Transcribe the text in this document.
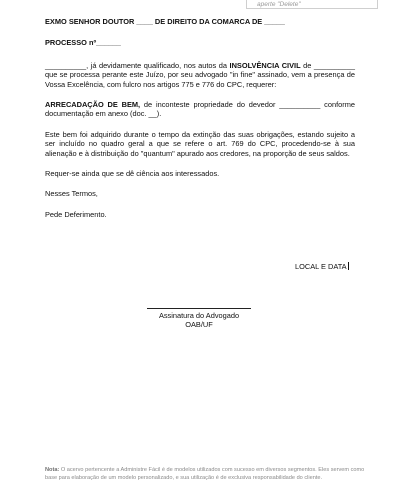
aperte "Delete"

EXMO SENHOR DOUTOR ____ DE DIREITO DA COMARCA DE _____

PROCESSO nº______

__________, já devidamente qualificado, nos autos da INSOLVÊNCIA CIVIL de __________ que se processa perante este Juízo, por seu advogado "in fine" assinado, vem a presença de Vossa Excelência, com fulcro nos artigos 775 e 776 do CPC, requerer:

ARRECADAÇÃO DE BEM, de inconteste propriedade do devedor __________ conforme documentação em anexo (doc. __).

Este bem foi adquirido durante o tempo da extinção das suas obrigações, estando sujeito a ser incluído no quadro geral a que se refere o art. 769 do CPC, procedendo-se à sua alienação e à distribuição do "quantum" apurado aos credores, na proporção de seus saldos.

Requer-se ainda que se dê ciência aos interessados.

Nesses Termos,

Pede Deferimento.

LOCAL E DATA
Assinatura do Advogado
OAB/UF
Nota: O acervo pertencente a Administre Fácil é de modelos utilizados com sucesso em diversos segmentos. Eles servem como base para elaboração de um modelo personalizado, e sua utilização é de exclusiva responsabilidade do cliente.
